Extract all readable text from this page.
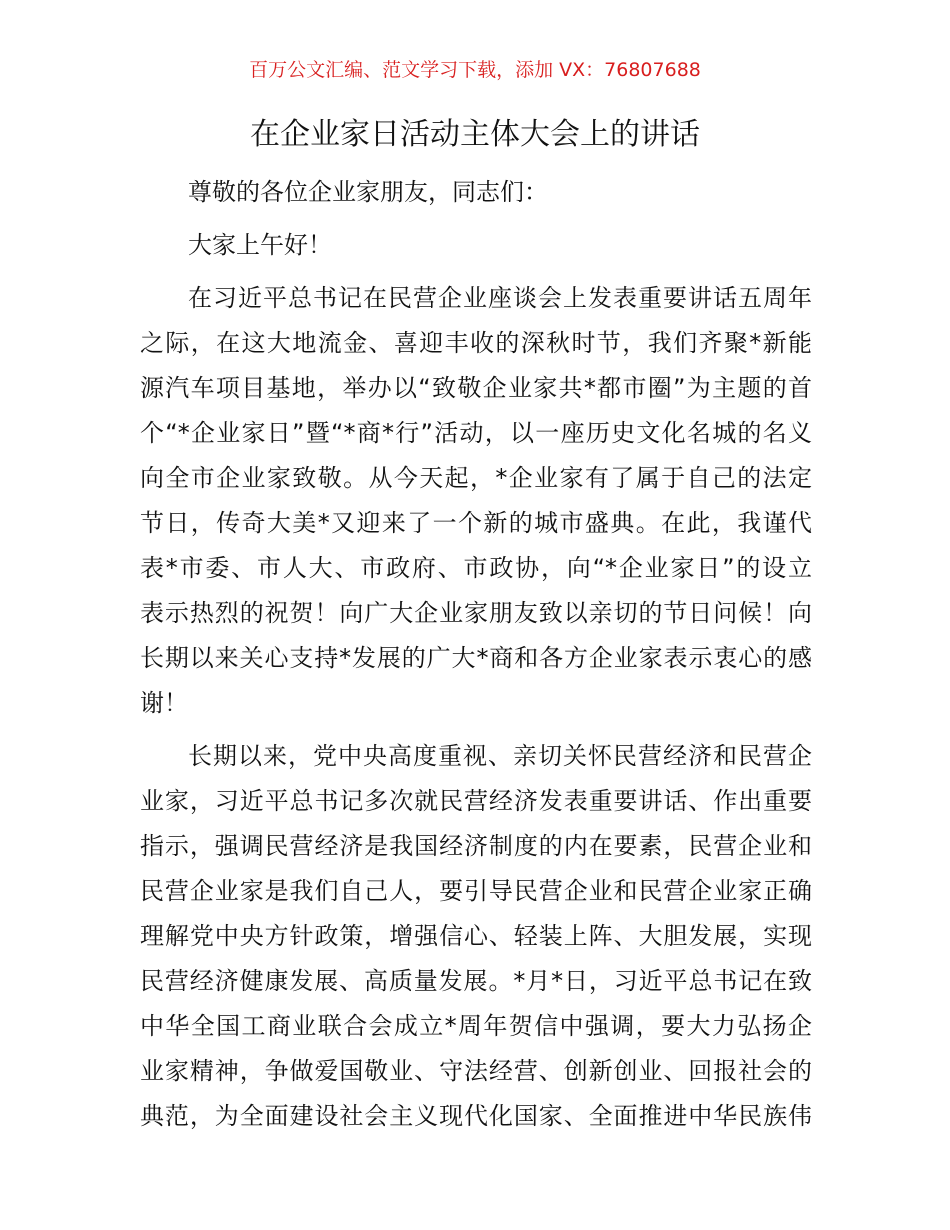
百万公文汇编、范文学习下载，添加 VX：76807688
在企业家日活动主体大会上的讲话
尊敬的各位企业家朋友，同志们：
大家上午好！
在习近平总书记在民营企业座谈会上发表重要讲话五周年
之际，在这大地流金、喜迎丰收的深秋时节，我们齐聚*新能
源汽车项目基地，举办以“致敬企业家共*都市圈”为主题的首
个“*企业家日”暨“*商*行”活动，以一座历史文化名城的名义
向全市企业家致敬。从今天起，*企业家有了属于自己的法定
节日，传奇大美*又迎来了一个新的城市盛典。在此，我谨代
表*市委、市人大、市政府、市政协，向“*企业家日”的设立
表示热烈的祝贺！向广大企业家朋友致以亲切的节日问候！向
长期以来关心支持*发展的广大*商和各方企业家表示衷心的感
谢！
长期以来，党中央高度重视、亲切关怀民营经济和民营企
业家，习近平总书记多次就民营经济发表重要讲话、作出重要
指示，强调民营经济是我国经济制度的内在要素，民营企业和
民营企业家是我们自己人，要引导民营企业和民营企业家正确
理解党中央方针政策，增强信心、轻装上阵、大胆发展，实现
民营经济健康发展、高质量发展。*月*日，习近平总书记在致
中华全国工商业联合会成立*周年贺信中强调，要大力弘扬企
业家精神，争做爱国敬业、守法经营、创新创业、回报社会的
典范，为全面建设社会主义现代化国家、全面推进中华民族伟
